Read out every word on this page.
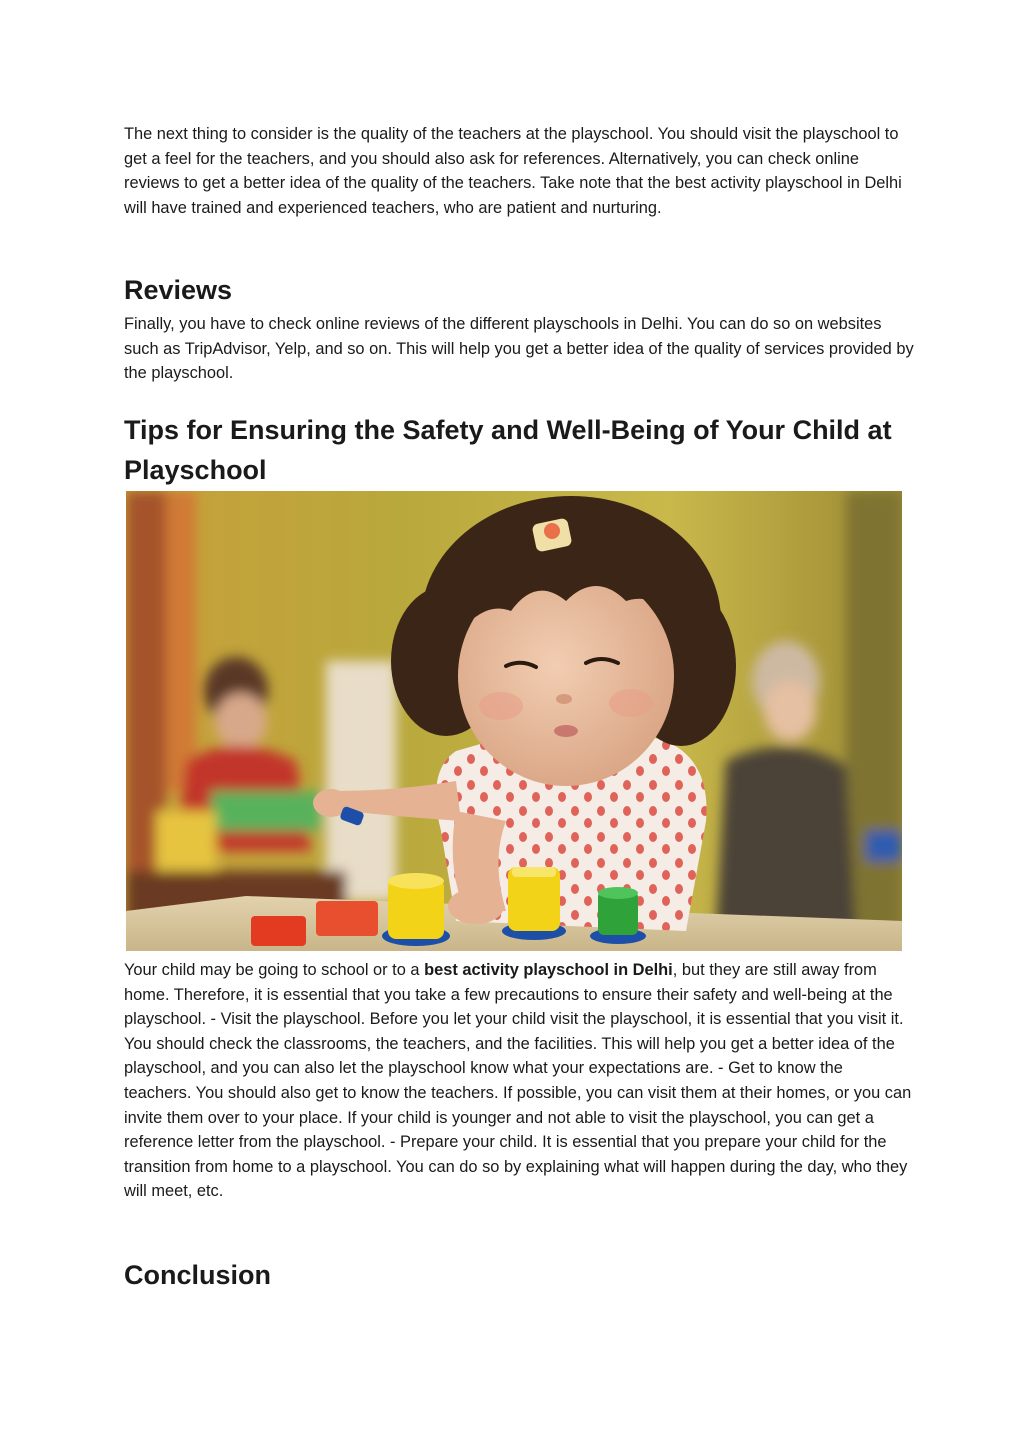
The next thing to consider is the quality of the teachers at the playschool. You should visit the playschool to get a feel for the teachers, and you should also ask for references. Alternatively, you can check online reviews to get a better idea of the quality of the teachers. Take note that the best activity playschool in Delhi will have trained and experienced teachers, who are patient and nurturing.

Reviews

Finally, you have to check online reviews of the different playschools in Delhi. You can do so on websites such as TripAdvisor, Yelp, and so on. This will help you get a better idea of the quality of services provided by the playschool.

Tips for Ensuring the Safety and Well-Being of Your Child at Playschool

Your child may be going to school or to a best activity playschool in Delhi, but they are still away from home. Therefore, it is essential that you take a few precautions to ensure their safety and well-being at the playschool. - Visit the playschool. Before you let your child visit the playschool, it is essential that you visit it. You should check the classrooms, the teachers, and the facilities. This will help you get a better idea of the playschool, and you can also let the playschool know what your expectations are. - Get to know the teachers. You should also get to know the teachers. If possible, you can visit them at their homes, or you can invite them over to your place. If your child is younger and not able to visit the playschool, you can get a reference letter from the playschool. - Prepare your child. It is essential that you prepare your child for the transition from home to a playschool. You can do so by explaining what will happen during the day, who they will meet, etc.

Conclusion
